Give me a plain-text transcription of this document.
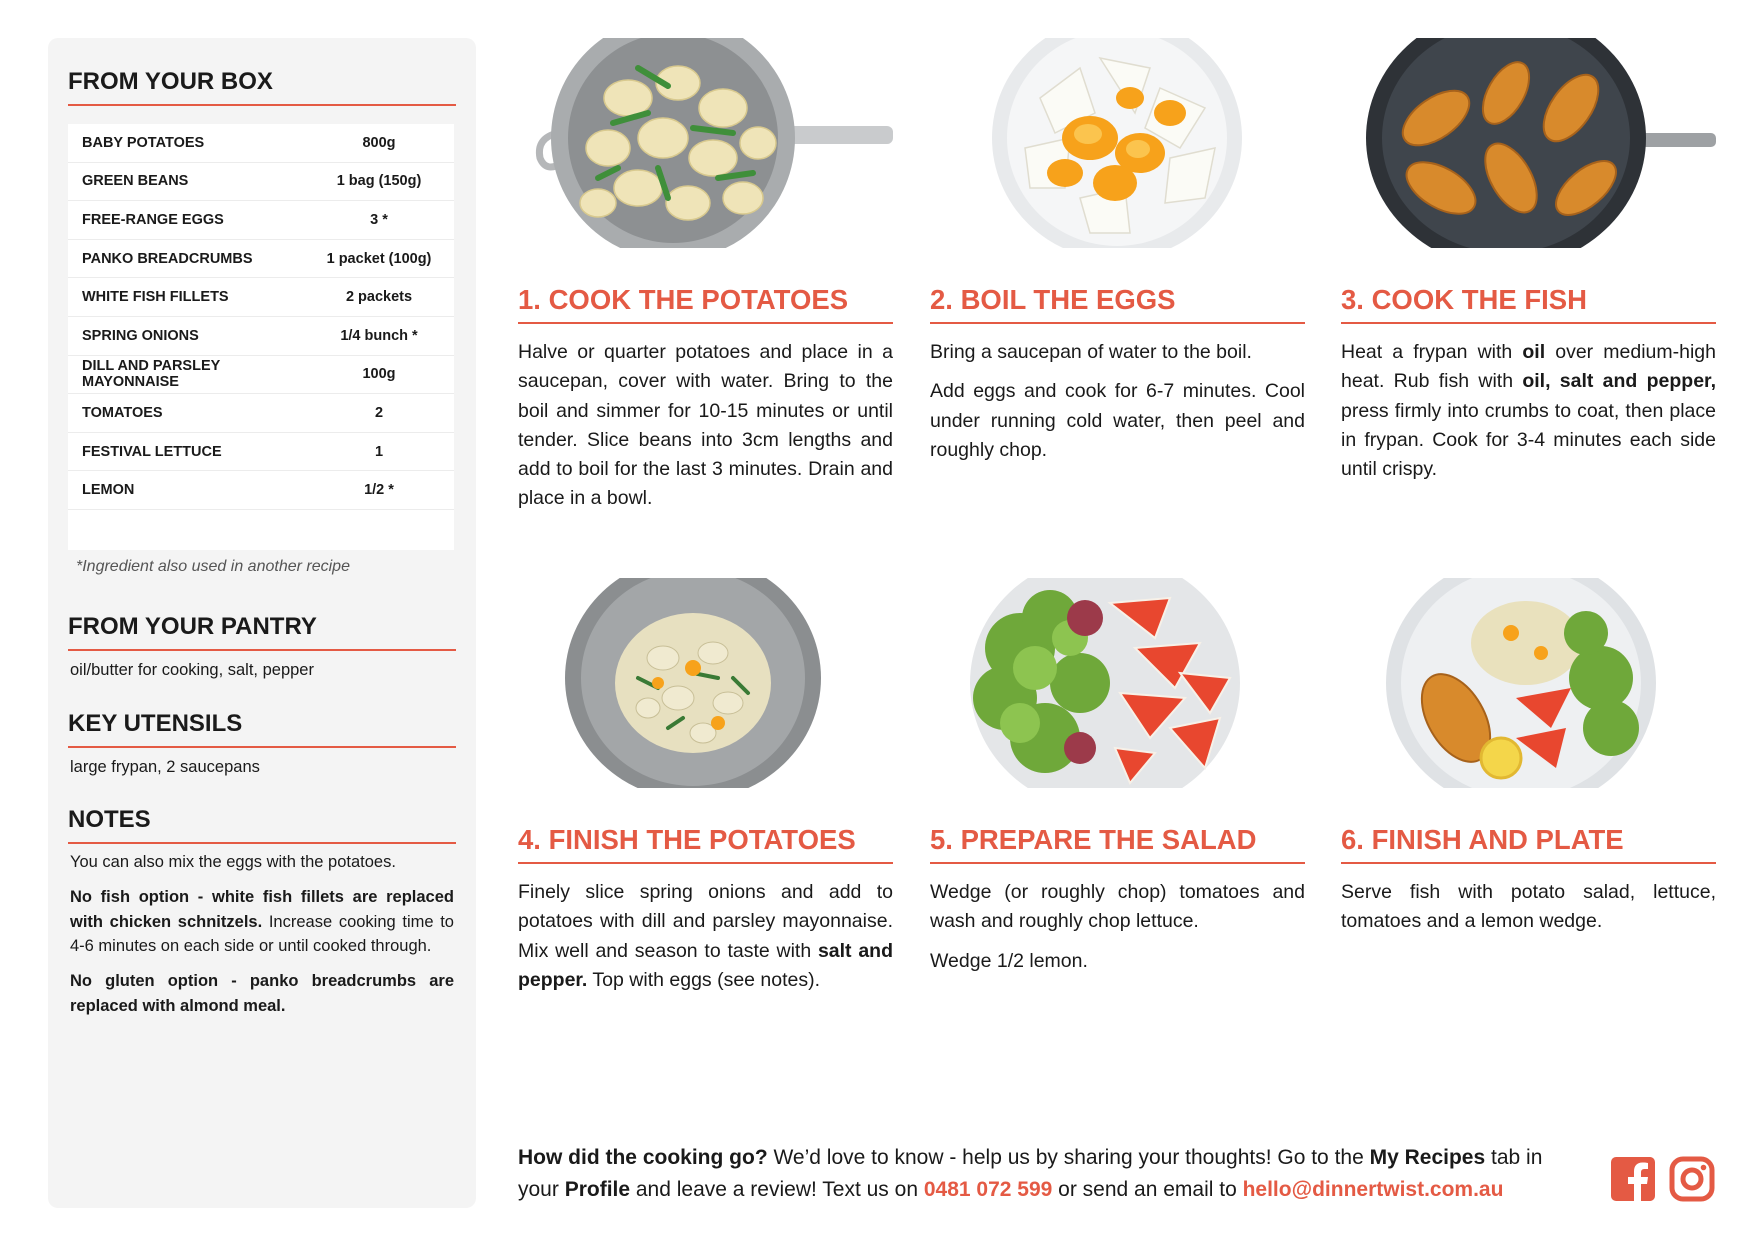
FROM YOUR BOX
BABY POTATOES	800g
GREEN BEANS	1 bag (150g)
FREE-RANGE EGGS	3 *
PANKO BREADCRUMBS	1 packet (100g)
WHITE FISH FILLETS	2 packets
SPRING ONIONS	1/4 bunch *
DILL AND PARSLEY MAYONNAISE	100g
TOMATOES	2
FESTIVAL LETTUCE	1
LEMON	1/2 *
*Ingredient also used in another recipe
FROM YOUR PANTRY
oil/butter for cooking, salt, pepper
KEY UTENSILS
large frypan, 2 saucepans
NOTES

You can also mix the eggs with the potatoes.

No fish option - white fish fillets are replaced with chicken schnitzels. Increase cooking time to 4-6 minutes on each side or until cooked through.

No gluten option - panko breadcrumbs are replaced with almond meal.

1. COOK THE POTATOES

Halve or quarter potatoes and place in a saucepan, cover with water. Bring to the boil and simmer for 10-15 minutes or until tender. Slice beans into 3cm lengths and add to boil for the last 3 minutes. Drain and place in a bowl.

2. BOIL THE EGGS

Bring a saucepan of water to the boil.

Add eggs and cook for 6-7 minutes. Cool under running cold water, then peel and roughly chop.

3. COOK THE FISH

Heat a frypan with oil over medium-high heat. Rub fish with oil, salt and pepper, press firmly into crumbs to coat, then place in frypan. Cook for 3-4 minutes each side until crispy.

4. FINISH THE POTATOES

Finely slice spring onions and add to potatoes with dill and parsley mayonnaise. Mix well and season to taste with salt and pepper. Top with eggs (see notes).

5. PREPARE THE SALAD

Wedge (or roughly chop) tomatoes and wash and roughly chop lettuce.

Wedge 1/2 lemon.

6. FINISH AND PLATE

Serve fish with potato salad, lettuce, tomatoes and a lemon wedge.

How did the cooking go? We’d love to know - help us by sharing your thoughts! Go to the My Recipes tab in your Profile and leave a review! Text us on 0481 072 599 or send an email to hello@dinnertwist.com.au
